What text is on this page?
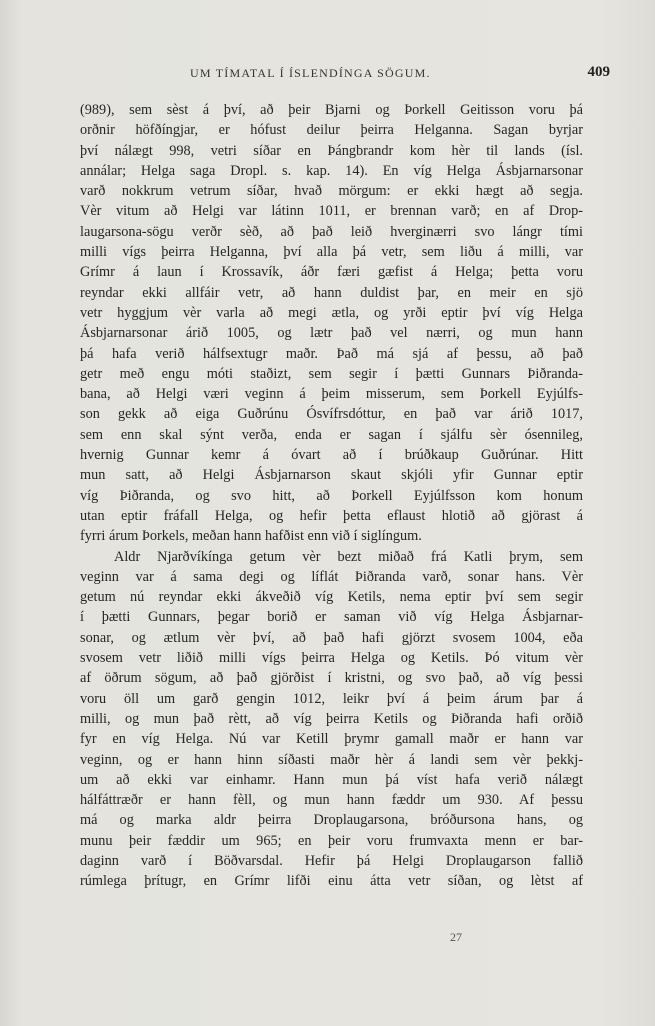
UM TÍMATAL Í ÍSLENDÍNGA SÖGUM.	409
(989), sem sèst á því, að þeir Bjarni og Þorkell Geitisson voru þá
orðnir höfðíngjar, er hófust deilur þeirra Helganna. Sagan byrjar
því nálægt 998, vetri síðar en Þángbrandr kom hèr til lands (ísl.
annálar; Helga saga Dropl. s. kap. 14). En víg Helga Ásbjarnarsonar
varð nokkrum vetrum síðar, hvað mörgum: er ekki hægt að segja.
Vèr vitum að Helgi var látinn 1011, er brennan varð; en af Drop-
laugarsona-sögu verðr sèð, að það leið hverginærri svo lángr tími
milli vígs þeirra Helganna, því alla þá vetr, sem liðu á milli, var
Grímr á laun í Krossavík, áðr færi gæfist á Helga; þetta voru
reyndar ekki allfáir vetr, að hann duldist þar, en meir en sjö
vetr hyggjum vèr varla að megi ætla, og yrði eptir því víg Helga
Ásbjarnarsonar árið 1005, og lætr það vel nærri, og mun hann
þá hafa verið hálfsextugr maðr. Það má sjá af þessu, að það
getr með engu móti staðizt, sem segir í þætti Gunnars Þiðranda-
bana, að Helgi væri veginn á þeim misserum, sem Þorkell Eyjúlfs-
son gekk að eiga Guðrúnu Ósvífrsdóttur, en það var árið 1017,
sem enn skal sýnt verða, enda er sagan í sjálfu sèr ósennileg,
hvernig Gunnar kemr á óvart að í brúðkaup Guðrúnar. Hitt
mun satt, að Helgi Ásbjarnarson skaut skjóli yfir Gunnar eptir
víg Þiðranda, og svo hitt, að Þorkell Eyjúlfsson kom honum
utan eptir fráfall Helga, og hefir þetta eflaust hlotið að gjörast á
fyrri árum Þorkels, meðan hann hafðist enn við í siglíngum.
Aldr Njarðvíkínga getum vèr bezt miðað frá Katli þrym, sem
veginn var á sama degi og líflát Þiðranda varð, sonar hans. Vèr
getum nú reyndar ekki ákveðið víg Ketils, nema eptir því sem segir
í þætti Gunnars, þegar borið er saman við víg Helga Ásbjarnar-
sonar, og ætlum vèr því, að það hafi gjörzt svosem 1004, eða
svosem vetr liðið milli vígs þeirra Helga og Ketils. Þó vitum vèr
af öðrum sögum, að það gjörðist í kristni, og svo það, að víg þessi
voru öll um garð gengin 1012, leikr því á þeim árum þar á
milli, og mun það rètt, að víg þeirra Ketils og Þiðranda hafi orðið
fyr en víg Helga. Nú var Ketill þrymr gamall maðr er hann var
veginn, og er hann hinn síðasti maðr hèr á landi sem vèr þekkj-
um að ekki var einhamr. Hann mun þá víst hafa verið nálægt
hálfáttræðr er hann fèll, og mun hann fæddr um 930. Af þessu
má og marka aldr þeirra Droplaugarsona, bróðursona hans, og
munu þeir fæddir um 965; en þeir voru frumvaxta menn er bar-
daginn varð í Böðvarsdal. Hefir þá Helgi Droplaugarson fallið
rúmlega þrítugr, en Grímr lifði einu átta vetr síðan, og lètst af
27
